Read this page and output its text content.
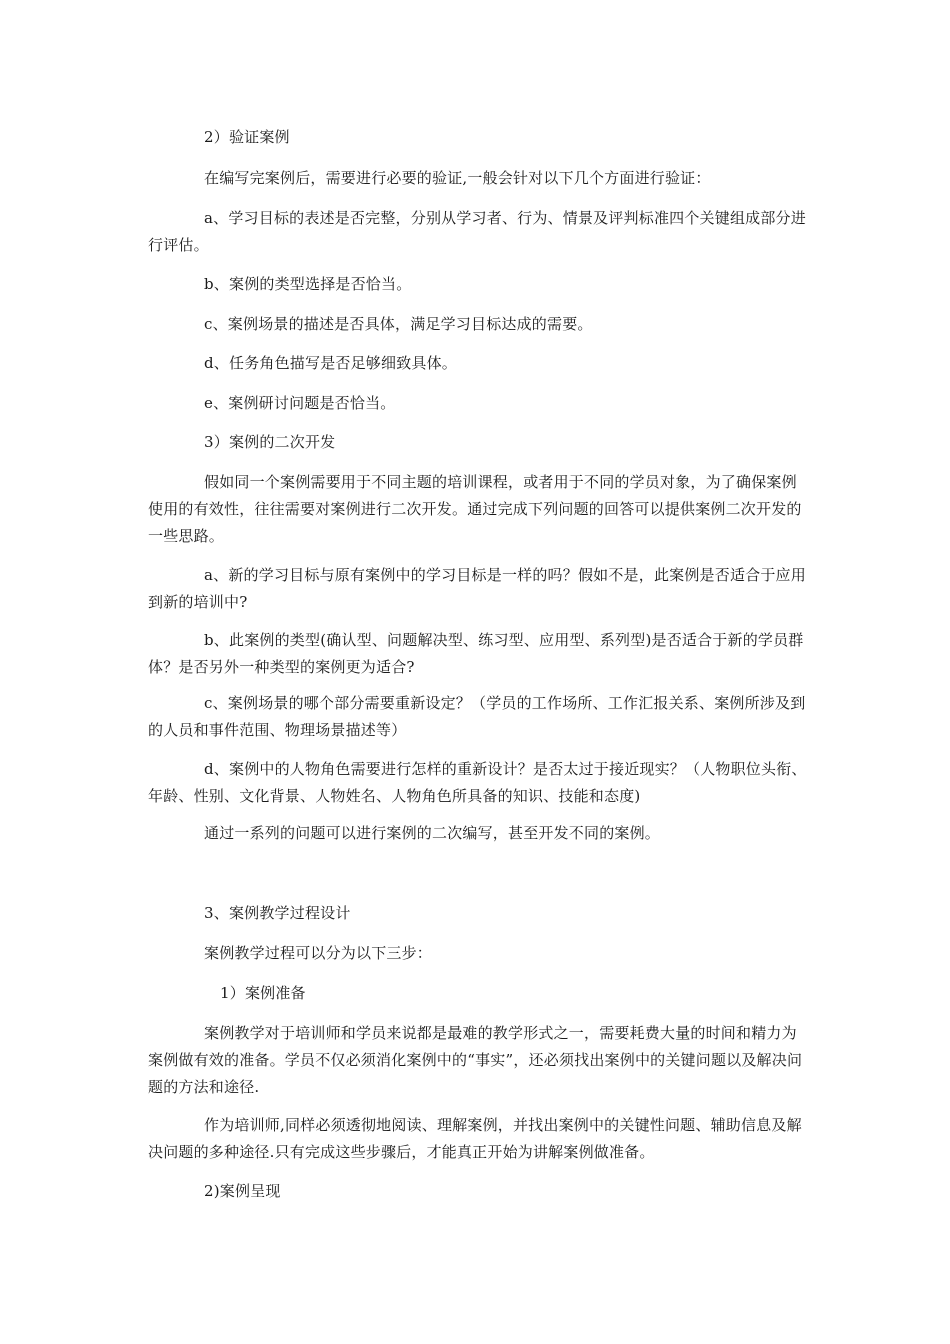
2）验证案例

在编写完案例后，需要进行必要的验证,一般会针对以下几个方面进行验证：

a、学习目标的表述是否完整，分别从学习者、行为、情景及评判标准四个关键组成部分进行评估。

b、案例的类型选择是否恰当。

c、案例场景的描述是否具体，满足学习目标达成的需要。

d、任务角色描写是否足够细致具体。

e、案例研讨问题是否恰当。

3）案例的二次开发

假如同一个案例需要用于不同主题的培训课程，或者用于不同的学员对象，为了确保案例使用的有效性，往往需要对案例进行二次开发。通过完成下列问题的回答可以提供案例二次开发的一些思路。

a、新的学习目标与原有案例中的学习目标是一样的吗？假如不是，此案例是否适合于应用到新的培训中?

b、此案例的类型(确认型、问题解决型、练习型、应用型、系列型)是否适合于新的学员群体？是否另外一种类型的案例更为适合?

c、案例场景的哪个部分需要重新设定？（学员的工作场所、工作汇报关系、案例所涉及到的人员和事件范围、物理场景描述等）

d、案例中的人物角色需要进行怎样的重新设计？是否太过于接近现实？（人物职位头衔、年龄、性别、文化背景、人物姓名、人物角色所具备的知识、技能和态度)

通过一系列的问题可以进行案例的二次编写，甚至开发不同的案例。

3、案例教学过程设计

案例教学过程可以分为以下三步：

1）案例准备

案例教学对于培训师和学员来说都是最难的教学形式之一，需要耗费大量的时间和精力为案例做有效的准备。学员不仅必须消化案例中的“事实”，还必须找出案例中的关键问题以及解决问题的方法和途径.

作为培训师,同样必须透彻地阅读、理解案例，并找出案例中的关键性问题、辅助信息及解决问题的多种途径.只有完成这些步骤后，才能真正开始为讲解案例做准备。

2)案例呈现
